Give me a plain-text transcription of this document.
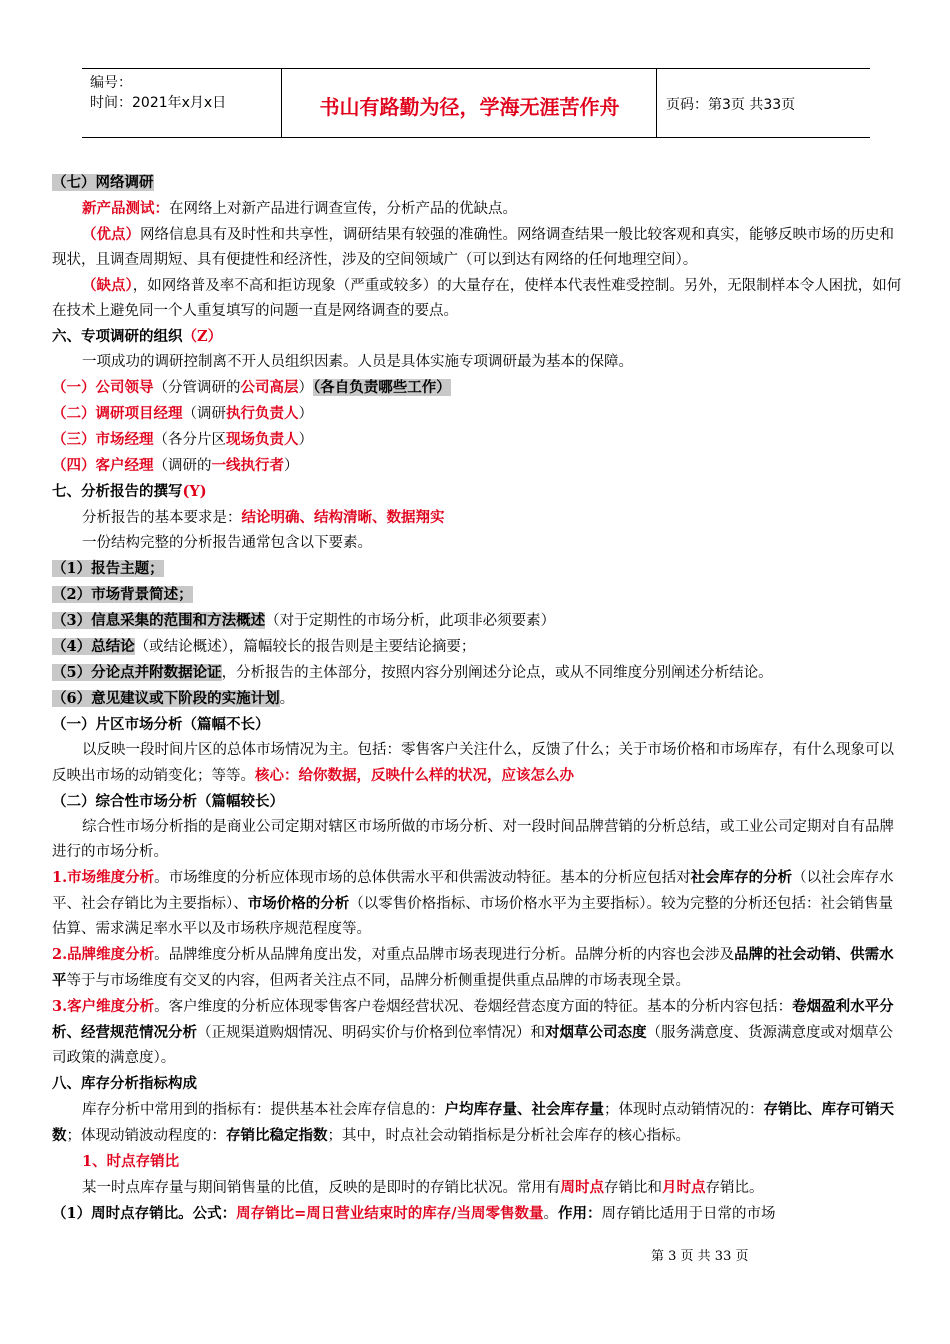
编号：
时间：2021年x月x日	书山有路勤为径，学海无涯苦作舟	页码：第3页 共33页

（七）网络调研

新产品测试：在网络上对新产品进行调查宣传，分析产品的优缺点。

（优点）网络信息具有及时性和共享性，调研结果有较强的准确性。网络调查结果一般比较客观和真实，能够反映市场的历史和现状，且调查周期短、具有便捷性和经济性，涉及的空间领域广（可以到达有网络的任何地理空间）。

（缺点），如网络普及率不高和拒访现象（严重或较多）的大量存在，使样本代表性难受控制。另外，无限制样本令人困扰，如何在技术上避免同一个人重复填写的问题一直是网络调查的要点。

六、专项调研的组织（Z）

一项成功的调研控制离不开人员组织因素。人员是具体实施专项调研最为基本的保障。

（一）公司领导（分管调研的公司高层）（各自负责哪些工作）

（二）调研项目经理（调研执行负责人）

（三）市场经理（各分片区现场负责人）

（四）客户经理（调研的一线执行者）

七、分析报告的撰写(Y)

分析报告的基本要求是：结论明确、结构清晰、数据翔实

一份结构完整的分析报告通常包含以下要素。

（1）报告主题；

（2）市场背景简述；

（3）信息采集的范围和方法概述（对于定期性的市场分析，此项非必须要素）

（4）总结论（或结论概述），篇幅较长的报告则是主要结论摘要；

（5）分论点并附数据论证，分析报告的主体部分，按照内容分别阐述分论点，或从不同维度分别阐述分析结论。

（6）意见建议或下阶段的实施计划。

（一）片区市场分析（篇幅不长）

以反映一段时间片区的总体市场情况为主。包括：零售客户关注什么，反馈了什么；关于市场价格和市场库存，有什么现象可以反映出市场的动销变化；等等。核心：给你数据，反映什么样的状况，应该怎么办

（二）综合性市场分析（篇幅较长）

综合性市场分析指的是商业公司定期对辖区市场所做的市场分析、对一段时间品牌营销的分析总结，或工业公司定期对自有品牌进行的市场分析。

1.市场维度分析。市场维度的分析应体现市场的总体供需水平和供需波动特征。基本的分析应包括对社会库存的分析（以社会库存水平、社会存销比为主要指标）、市场价格的分析（以零售价格指标、市场价格水平为主要指标）。较为完整的分析还包括：社会销售量估算、需求满足率水平以及市场秩序规范程度等。

2.品牌维度分析。品牌维度分析从品牌角度出发，对重点品牌市场表现进行分析。品牌分析的内容也会涉及品牌的社会动销、供需水平等于与市场维度有交叉的内容，但两者关注点不同，品牌分析侧重提供重点品牌的市场表现全景。

3.客户维度分析。客户维度的分析应体现零售客户卷烟经营状况、卷烟经营态度方面的特征。基本的分析内容包括：卷烟盈利水平分析、经营规范情况分析（正规渠道购烟情况、明码实价与价格到位率情况）和对烟草公司态度（服务满意度、货源满意度或对烟草公司政策的满意度）。

八、库存分析指标构成

库存分析中常用到的指标有：提供基本社会库存信息的：户均库存量、社会库存量；体现时点动销情况的：存销比、库存可销天数；体现动销波动程度的：存销比稳定指数；其中，时点社会动销指标是分析社会库存的核心指标。

1、时点存销比

某一时点库存量与期间销售量的比值，反映的是即时的存销比状况。常用有周时点存销比和月时点存销比。

（1）周时点存销比。公式：周存销比=周日营业结束时的库存/当周零售数量。作用：周存销比适用于日常的市场

第 3 页 共 33 页
